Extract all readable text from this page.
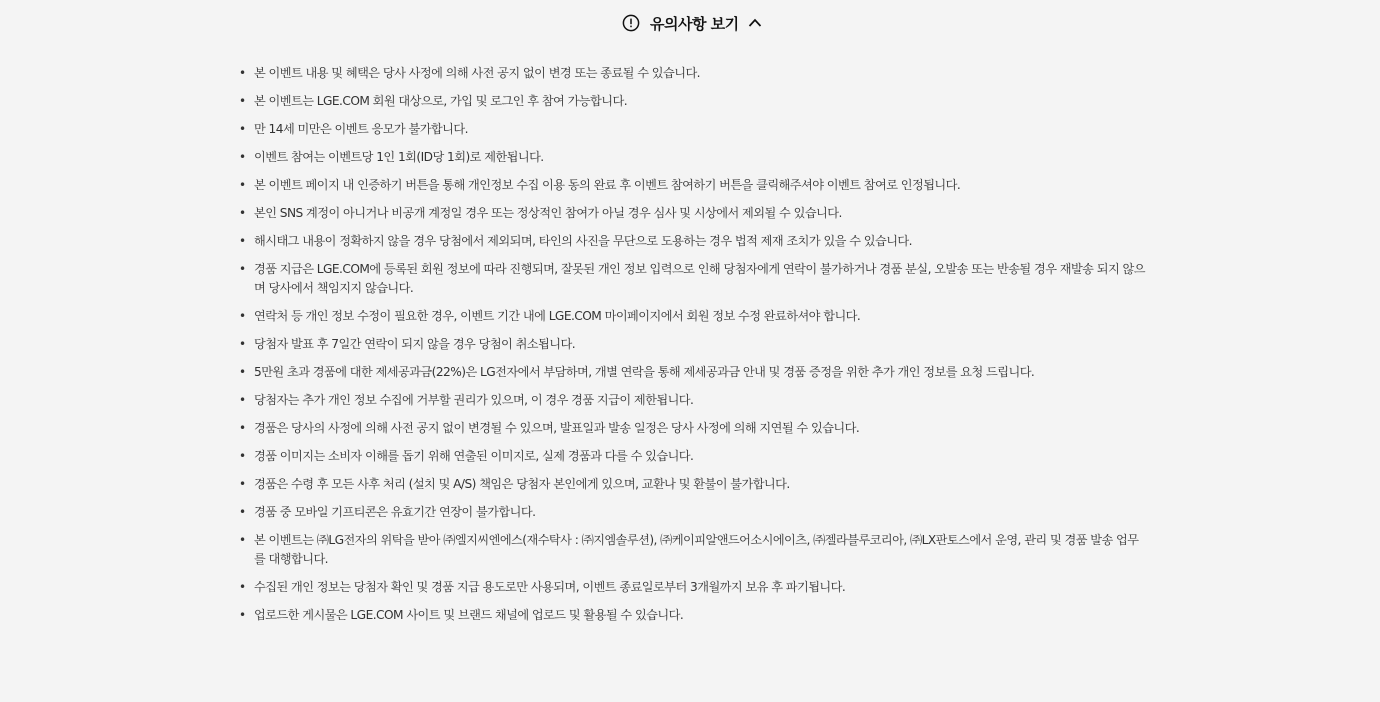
유의사항 보기
• 본 이벤트 내용 및 혜택은 당사 사정에 의해 사전 공지 없이 변경 또는 종료될 수 있습니다.
• 본 이벤트는 LGE.COM 회원 대상으로, 가입 및 로그인 후 참여 가능합니다.
• 만 14세 미만은 이벤트 응모가 불가합니다.
• 이벤트 참여는 이벤트당 1인 1회(ID당 1회)로 제한됩니다.
• 본 이벤트 페이지 내 인증하기 버튼을 통해 개인정보 수집 이용 동의 완료 후 이벤트 참여하기 버튼을 클릭해주셔야 이벤트 참여로 인정됩니다.
• 본인 SNS 계정이 아니거나 비공개 계정일 경우 또는 정상적인 참여가 아닐 경우 심사 및 시상에서 제외될 수 있습니다.
• 해시태그 내용이 정확하지 않을 경우 당첨에서 제외되며, 타인의 사진을 무단으로 도용하는 경우 법적 제재 조치가 있을 수 있습니다.
• 경품 지급은 LGE.COM에 등록된 회원 정보에 따라 진행되며, 잘못된 개인 정보 입력으로 인해 당첨자에게 연락이 불가하거나 경품 분실, 오발송 또는 반송될 경우 재발송 되지 않으며 당사에서 책임지지 않습니다.
• 연락처 등 개인 정보 수정이 필요한 경우, 이벤트 기간 내에 LGE.COM 마이페이지에서 회원 정보 수정 완료하셔야 합니다.
• 당첨자 발표 후 7일간 연락이 되지 않을 경우 당첨이 취소됩니다.
• 5만원 초과 경품에 대한 제세공과금(22%)은 LG전자에서 부담하며, 개별 연락을 통해 제세공과금 안내 및 경품 증정을 위한 추가 개인 정보를 요청 드립니다.
• 당첨자는 추가 개인 정보 수집에 거부할 권리가 있으며, 이 경우 경품 지급이 제한됩니다.
• 경품은 당사의 사정에 의해 사전 공지 없이 변경될 수 있으며, 발표일과 발송 일정은 당사 사정에 의해 지연될 수 있습니다.
• 경품 이미지는 소비자 이해를 돕기 위해 연출된 이미지로, 실제 경품과 다를 수 있습니다.
• 경품은 수령 후 모든 사후 처리 (설치 및 A/S) 책임은 당첨자 본인에게 있으며, 교환나 및 환불이 불가합니다.
• 경품 중 모바일 기프티콘은 유효기간 연장이 불가합니다.
• 본 이벤트는 ㈜LG전자의 위탁을 받아 ㈜엘지씨엔에스(재수탁사 : ㈜지엠솔루션), ㈜케이피알앤드어소시에이츠, ㈜젤라블루코리아, ㈜LX판토스에서 운영, 관리 및 경품 발송 업무를 대행합니다.
• 수집된 개인 정보는 당첨자 확인 및 경품 지급 용도로만 사용되며, 이벤트 종료일로부터 3개월까지 보유 후 파기됩니다.
• 업로드한 게시물은 LGE.COM 사이트 및 브랜드 채널에 업로드 및 활용될 수 있습니다.
